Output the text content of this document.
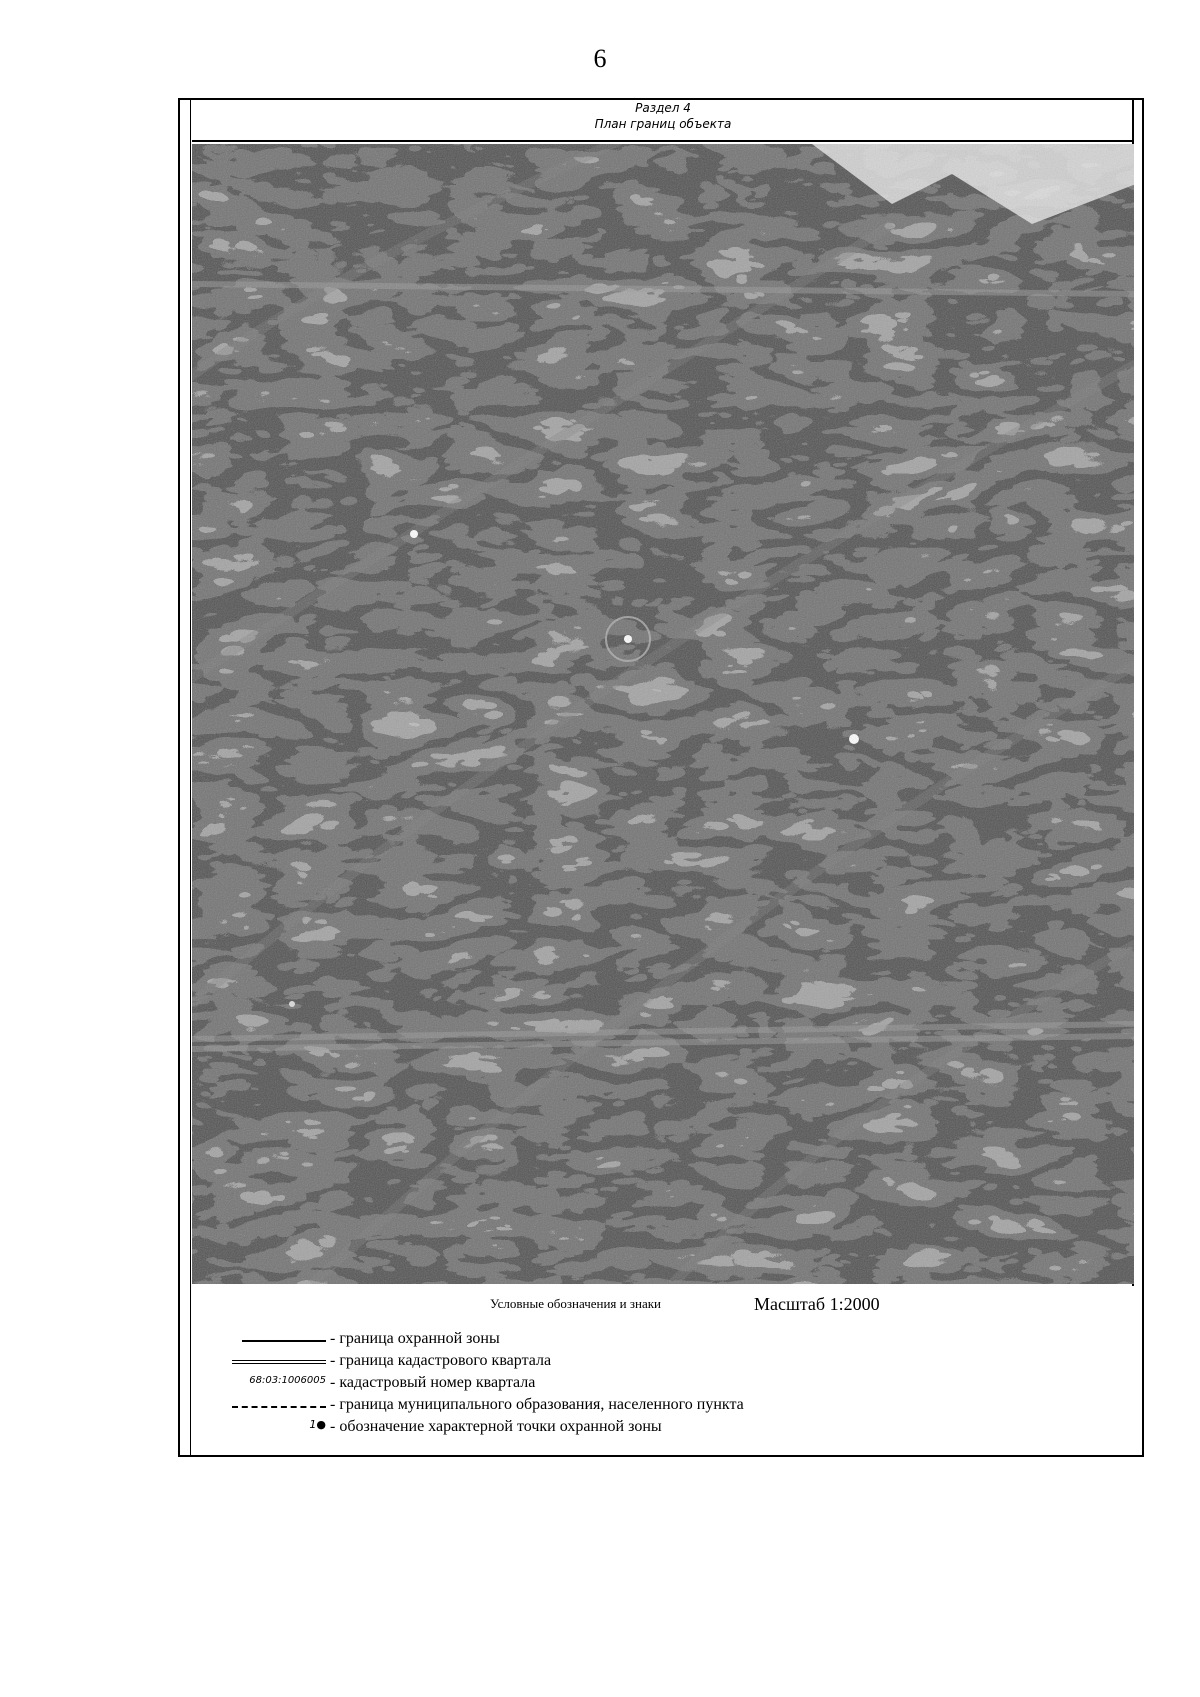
6
Раздел 4
План границ объекта
Условные обозначения и знаки	Масштаб 1:2000
- граница охранной зоны
- граница кадастрового квартала
68:03:1006005 - кадастровый номер квартала
- граница муниципального образования, населенного пункта
1● - обозначение характерной точки охранной зоны
